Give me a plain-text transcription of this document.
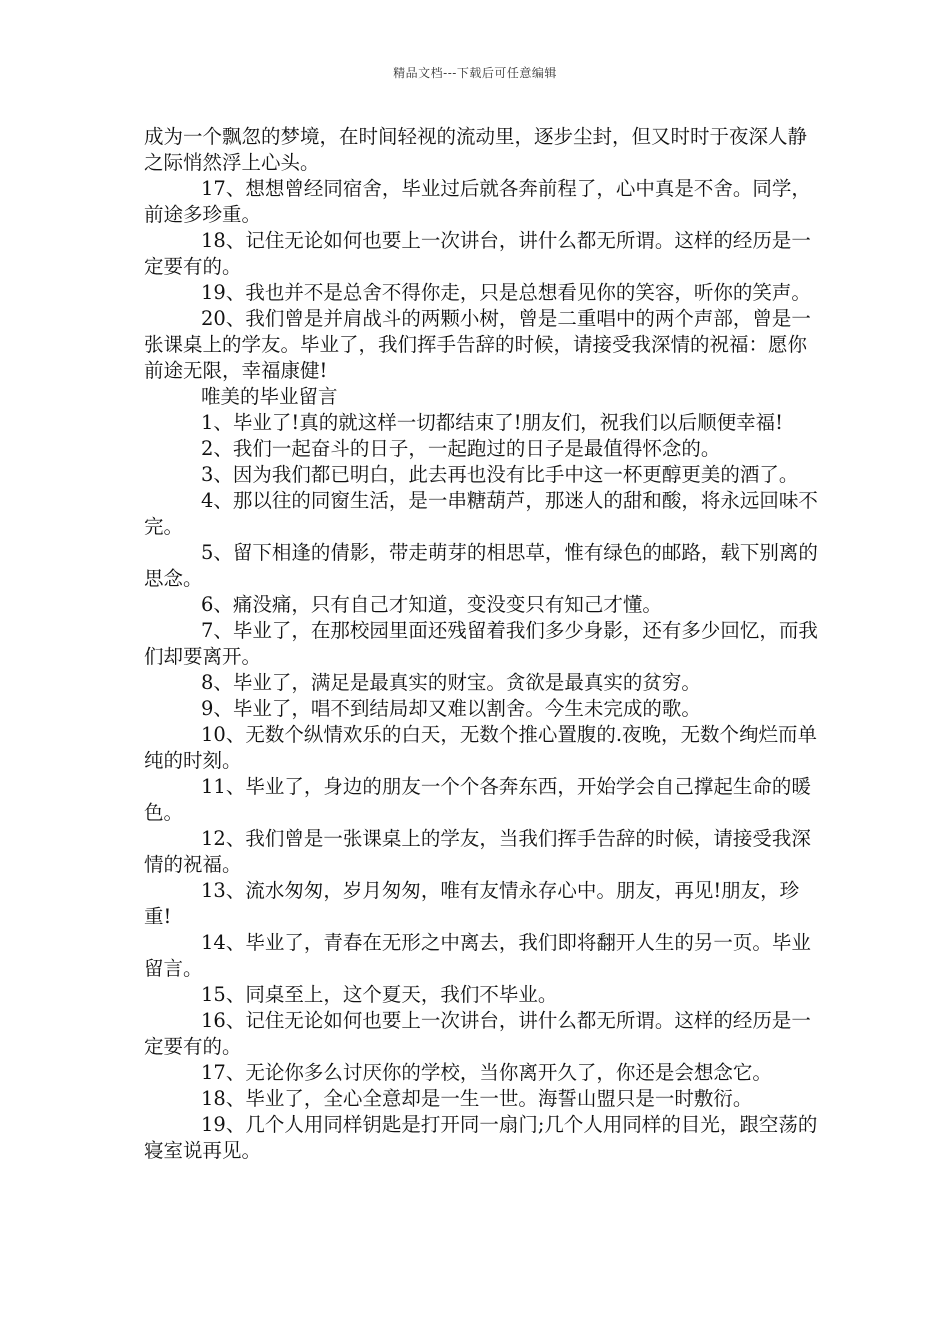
精品文档---下载后可任意编辑

成为一个飘忽的梦境，在时间轻视的流动里，逐步尘封，但又时时于夜深人静之际悄然浮上心头。

17、想想曾经同宿舍，毕业过后就各奔前程了，心中真是不舍。同学，前途多珍重。

18、记住无论如何也要上一次讲台，讲什么都无所谓。这样的经历是一定要有的。

19、我也并不是总舍不得你走，只是总想看见你的笑容，听你的笑声。

20、我们曾是并肩战斗的两颗小树，曾是二重唱中的两个声部，曾是一张课桌上的学友。毕业了，我们挥手告辞的时候，请接受我深情的祝福：愿你前途无限，幸福康健!

唯美的毕业留言

1、毕业了!真的就这样一切都结束了!朋友们，祝我们以后顺便幸福!

2、我们一起奋斗的日子，一起跑过的日子是最值得怀念的。

3、因为我们都已明白，此去再也没有比手中这一杯更醇更美的酒了。

4、那以往的同窗生活，是一串糖葫芦，那迷人的甜和酸，将永远回味不完。

5、留下相逢的倩影，带走萌芽的相思草，惟有绿色的邮路，载下别离的思念。

6、痛没痛，只有自己才知道，变没变只有知己才懂。

7、毕业了，在那校园里面还残留着我们多少身影，还有多少回忆，而我们却要离开。

8、毕业了，满足是最真实的财宝。贪欲是最真实的贫穷。

9、毕业了，唱不到结局却又难以割舍。今生未完成的歌。

10、无数个纵情欢乐的白天，无数个推心置腹的.夜晚，无数个绚烂而单纯的时刻。

11、毕业了，身边的朋友一个个各奔东西，开始学会自己撑起生命的暖色。

12、我们曾是一张课桌上的学友，当我们挥手告辞的时候，请接受我深情的祝福。

13、流水匆匆，岁月匆匆，唯有友情永存心中。朋友，再见!朋友，珍重!

14、毕业了，青春在无形之中离去，我们即将翻开人生的另一页。毕业留言。

15、同桌至上，这个夏天，我们不毕业。

16、记住无论如何也要上一次讲台，讲什么都无所谓。这样的经历是一定要有的。

17、无论你多么讨厌你的学校，当你离开久了，你还是会想念它。

18、毕业了，全心全意却是一生一世。海誓山盟只是一时敷衍。

19、几个人用同样钥匙是打开同一扇门;几个人用同样的目光，跟空荡的寝室说再见。
